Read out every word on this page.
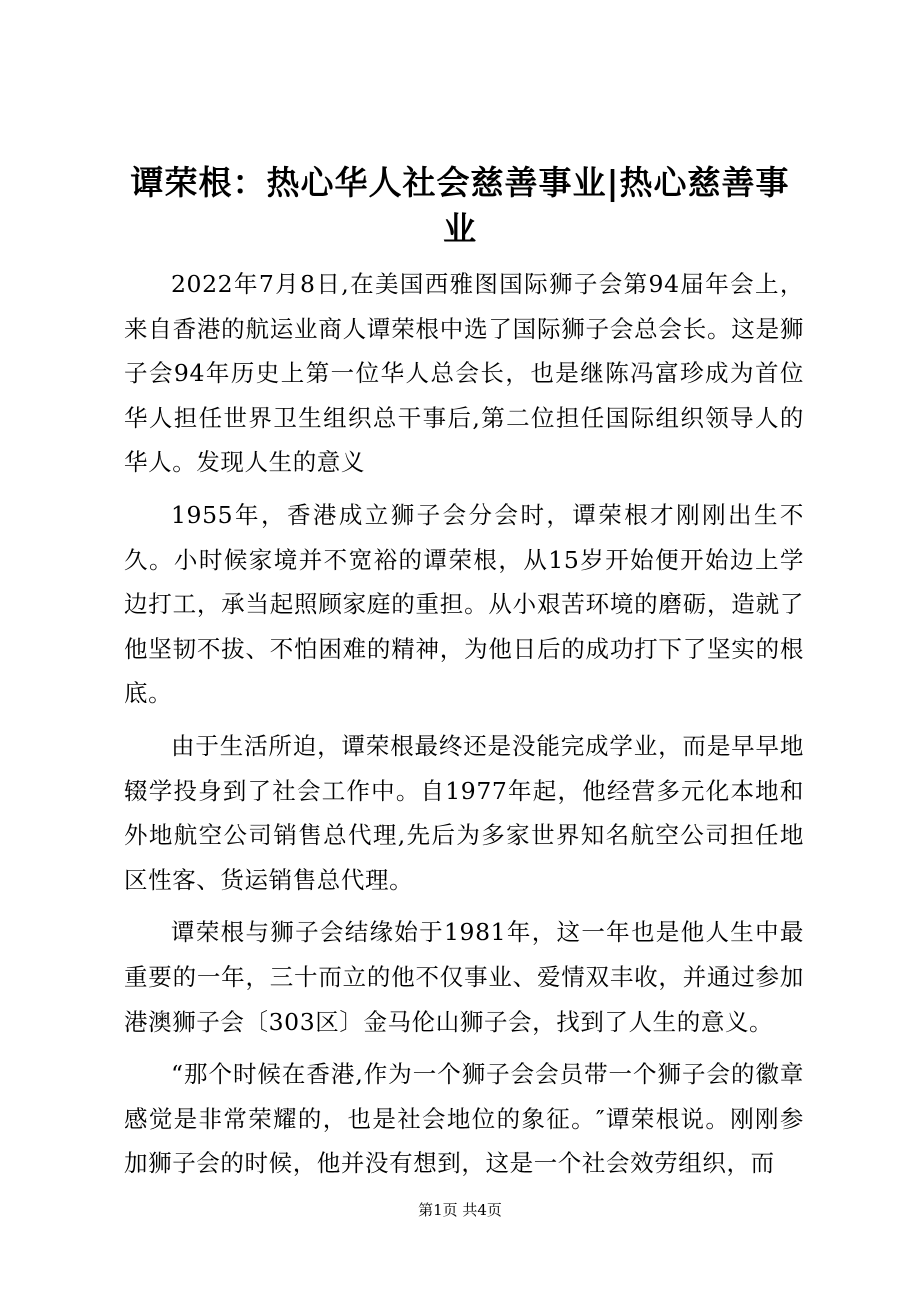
谭荣根：热心华人社会慈善事业|热心慈善事业

2022年7月8日,在美国西雅图国际狮子会第94届年会上，来自香港的航运业商人谭荣根中选了国际狮子会总会长。这是狮子会94年历史上第一位华人总会长，也是继陈冯富珍成为首位华人担任世界卫生组织总干事后,第二位担任国际组织领导人的华人。发现人生的意义

1955年，香港成立狮子会分会时，谭荣根才刚刚出生不久。小时候家境并不宽裕的谭荣根，从15岁开始便开始边上学边打工，承当起照顾家庭的重担。从小艰苦环境的磨砺，造就了他坚韧不拔、不怕困难的精神，为他日后的成功打下了坚实的根底。

由于生活所迫，谭荣根最终还是没能完成学业，而是早早地辍学投身到了社会工作中。自1977年起，他经营多元化本地和外地航空公司销售总代理,先后为多家世界知名航空公司担任地区性客、货运销售总代理。

谭荣根与狮子会结缘始于1981年，这一年也是他人生中最重要的一年，三十而立的他不仅事业、爱情双丰收，并通过参加港澳狮子会〔303区〕金马伦山狮子会，找到了人生的意义。

“那个时候在香港,作为一个狮子会会员带一个狮子会的徽章感觉是非常荣耀的，也是社会地位的象征。″谭荣根说。刚刚参加狮子会的时候，他并没有想到，这是一个社会效劳组织，而

第1页 共4页
